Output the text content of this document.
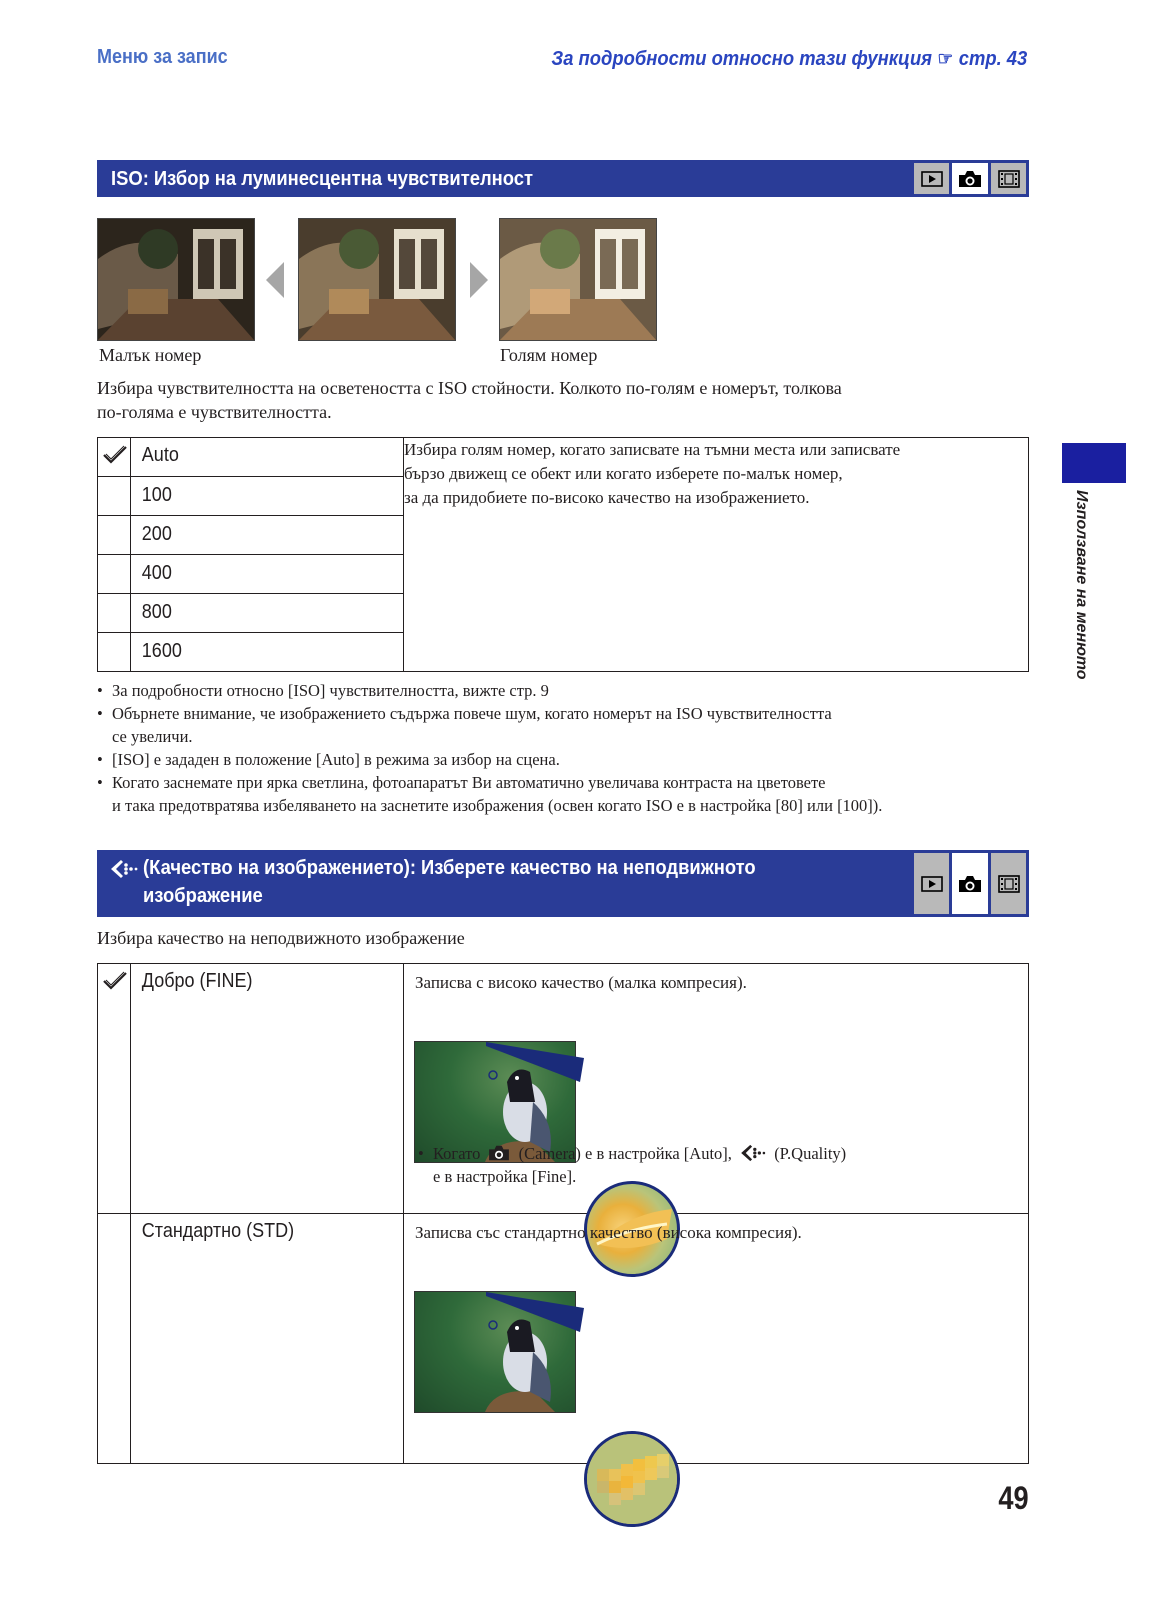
Меню за запис	За подробности относно тази функция ☞ стр. 43
ISO: Избор на луминесцентна чувствителност
Малък номер	Голям номер
Избира чувствителността на осветеността с ISO стойности. Колкото по-голям е номерът, толкова
по-голяма е чувствителността.
	Auto	Избира голям номер, когато записвате на тъмни места или записвате
бързо движещ се обект или когато изберете по-малък номер,
за да придобиете по-високо качество на изображението.

	100	
	200	
	400	
	800	
	1600	
• За подробности относно [ISO] чувствителността, вижте стр. 9
• Обърнете внимание, че изображението съдържа повече шум, когато номерът на ISO чувствителността
се увеличи.
• [ISO] е зададен в положение [Auto] в режима за избор на сцена.
• Когато заснемате при ярка светлина, фотоапаратът Ви автоматично увеличава контраста на цветовете
и така предотвратява избеляването на заснетите изображения (освен когато ISO е в настройка [80] или [100]).
(Качество на изображението): Изберете качество на неподвижното
изображение
Избира качество на неподвижното изображение
	Добро (FINE)	Записва с високо качество (малка компресия).
• Когато (Camera) е в настройка [Auto], (P.Quality)
е в настройка [Fine].

	Стандартно (STD)	Записва със стандартно качество (висока компресия).
Използване на менюто
49
